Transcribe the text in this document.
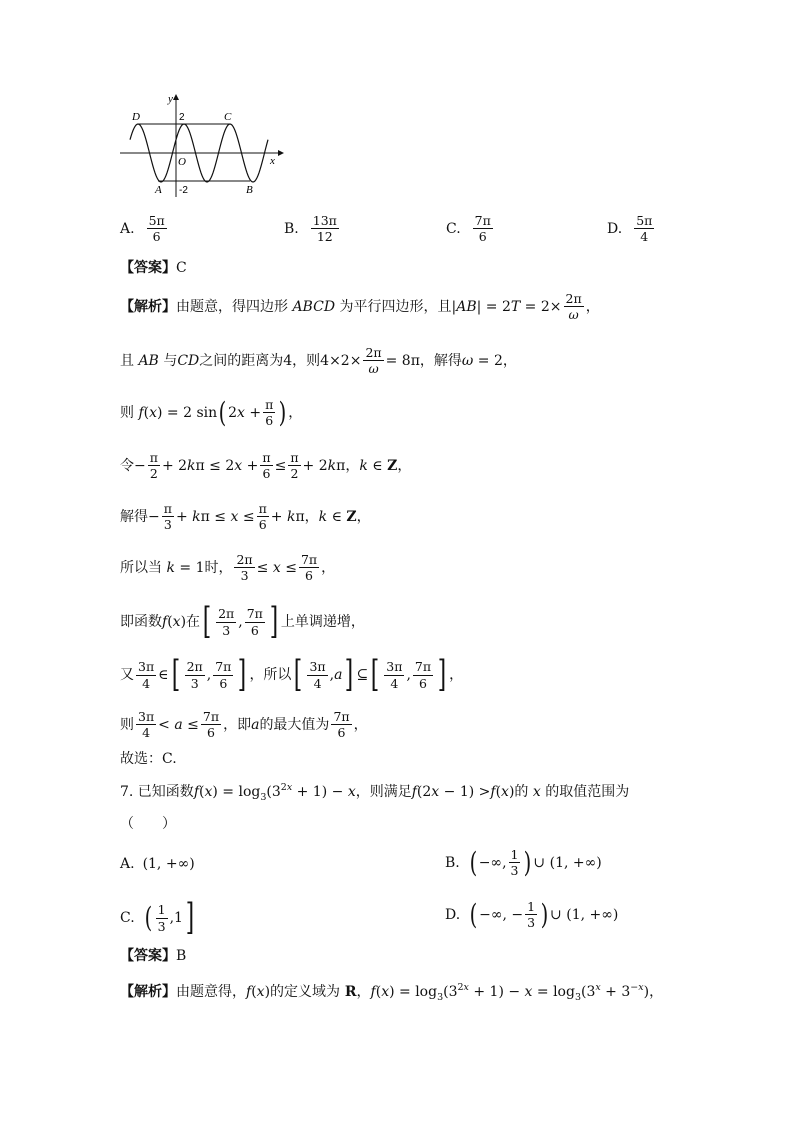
D	C
A	B
O	x
y
2
-2
A. $\frac{5\pi}{6}$	B. $\frac{13\pi}{12}$	C. $\frac{7\pi}{6}$	D. $\frac{5\pi}{4}$
【答案】 C
【解析】 由题意，得四边形 ABCD 为平行四边形，且 $|AB| = 2T = 2\times \frac{2\pi}{\omega}$ ，
且 AB 与 CD 之间的距离为 4 ，则 $4\times 2\times \frac{2\pi}{\omega} = 8\pi$ ，解得 ω = 2，
则 f ( x ) = 2 sin ( $2x + \frac{\pi}{6}$ ) ，
令 − $\frac{\pi}{2} + 2k\pi \le 2x + \frac{\pi}{6} \le \frac{\pi}{2} + 2k\pi$，k ∈ Z，
解得 − $\frac{\pi}{3} + k\pi \le x \le \frac{\pi}{6} + k\pi$，k ∈ Z，
所以当 k = 1 时， $\frac{2\pi}{3} \le x \le \frac{7\pi}{6}$ ，
即函数 f ( x ) 在 [ $\frac{2\pi}{3}$ , $\frac{7\pi}{6}$ ] 上单调递增，
又 $\frac{3\pi}{4}$ ∈ [ $\frac{2\pi}{3}$ , $\frac{7\pi}{6}$ ] ，所以 [ $\frac{3\pi}{4} ,a$ ] ⊆ [ $\frac{3\pi}{4}$ , $\frac{7\pi}{6}$ ] ，
则 $\frac{3\pi}{4} < a \le \frac{7\pi}{6}$ ，即 a 的最大值为 $\frac{7\pi}{6}$ ，
故选：C.
7. 已知函数 f ( x ) = $\log_3(3^{2x} + 1) - x$ ，则满足 f (2x − 1) > f ( x ) 的 x 的取值范围为
（　　）
A. (1, +∞)	B. ( −∞, $\frac{1}{3}$ ) ∪ (1, +∞)
C. ( $\frac{1}{3} ,1$ ]	D. ( −∞, − $\frac{1}{3}$ ) ∪ (1, +∞)
【答案】 B
【解析】 由题意得， f ( x ) 的定义域为 R， f ( x ) = $\log_3(3^{2x} + 1) - x = \log_3(3^x + 3^{-x})$，
